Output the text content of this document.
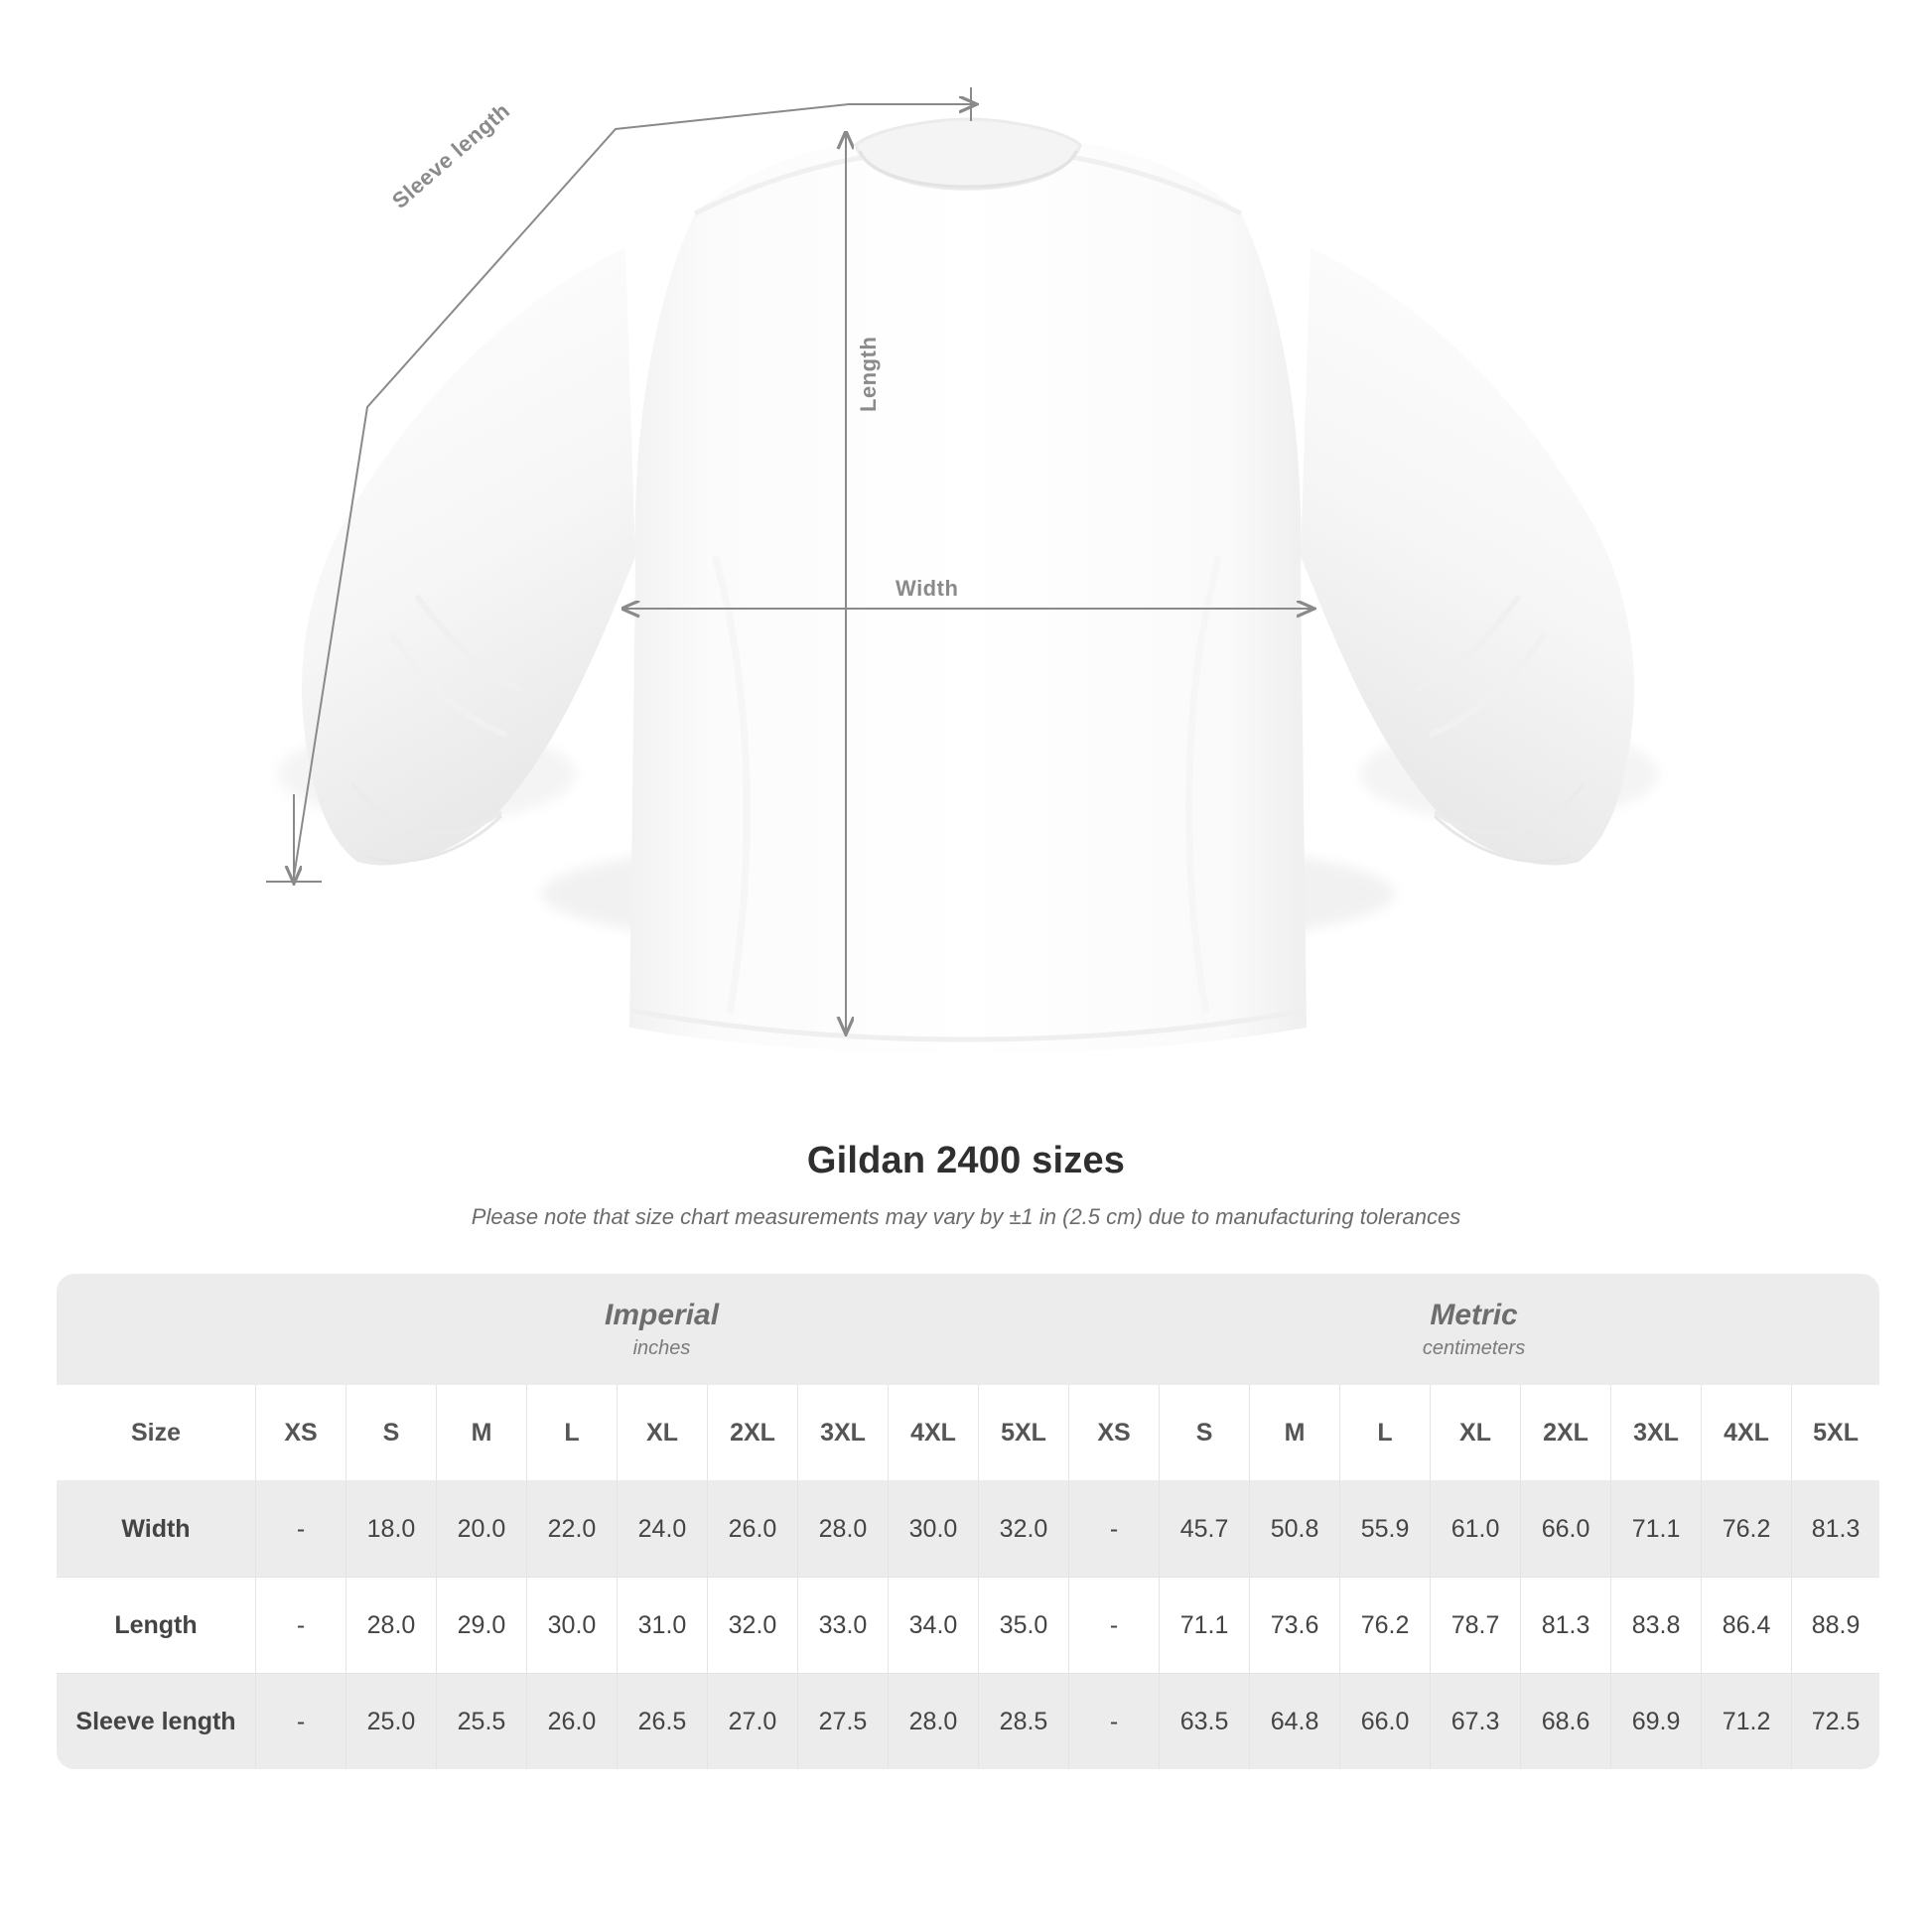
Length
Width
Sleeve length
Gildan 2400 sizes

Please note that size chart measurements may vary by ±1 in (2.5 cm) due to manufacturing tolerances

Imperial
inches

Metric
centimeters

Size	XS	S	M	L	XL	2XL	3XL	4XL	5XL	XS	S	M	L	XL	2XL	3XL	4XL	5XL
Width	-	18.0	20.0	22.0	24.0	26.0	28.0	30.0	32.0	-	45.7	50.8	55.9	61.0	66.0	71.1	76.2	81.3
Length	-	28.0	29.0	30.0	31.0	32.0	33.0	34.0	35.0	-	71.1	73.6	76.2	78.7	81.3	83.8	86.4	88.9
Sleeve length	-	25.0	25.5	26.0	26.5	27.0	27.5	28.0	28.5	-	63.5	64.8	66.0	67.3	68.6	69.9	71.2	72.5
